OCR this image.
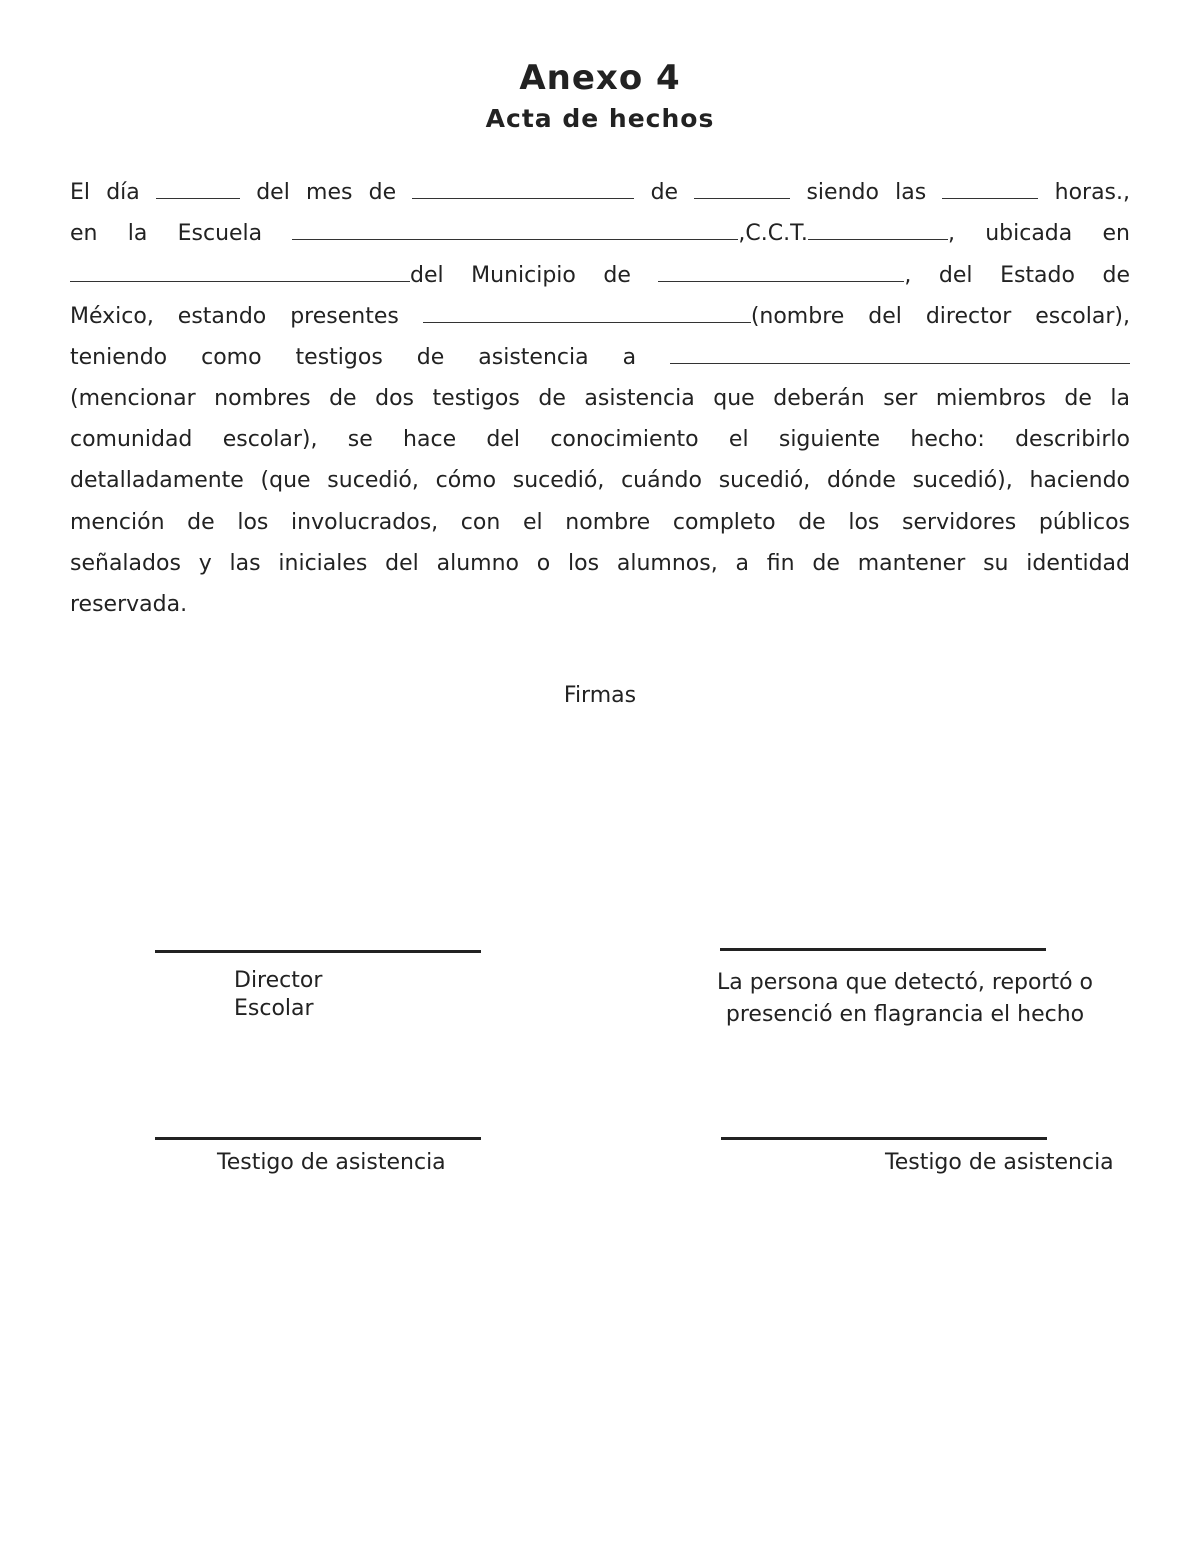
Anexo 4
Acta de hechos
El día	del mes de	de	siendo las	horas.,
en la Escuela	,C.C.T.	, ubicada en
del Municipio de	, del Estado de
México, estando presentes	(nombre del director escolar),
teniendo como testigos de asistencia a
(mencionar nombres de dos testigos de asistencia que deberán ser miembros de la
comunidad escolar), se hace del conocimiento el siguiente hecho: describirlo
detalladamente (que sucedió, cómo sucedió, cuándo sucedió, dónde sucedió), haciendo
mención de los involucrados, con el nombre completo de los servidores públicos
señalados y las iniciales del alumno o los alumnos, a fin de mantener su identidad
reservada.
Firmas
Director
Escolar
La persona que detectó, reportó o
presenció en flagrancia el hecho
Testigo de asistencia	Testigo de asistencia
